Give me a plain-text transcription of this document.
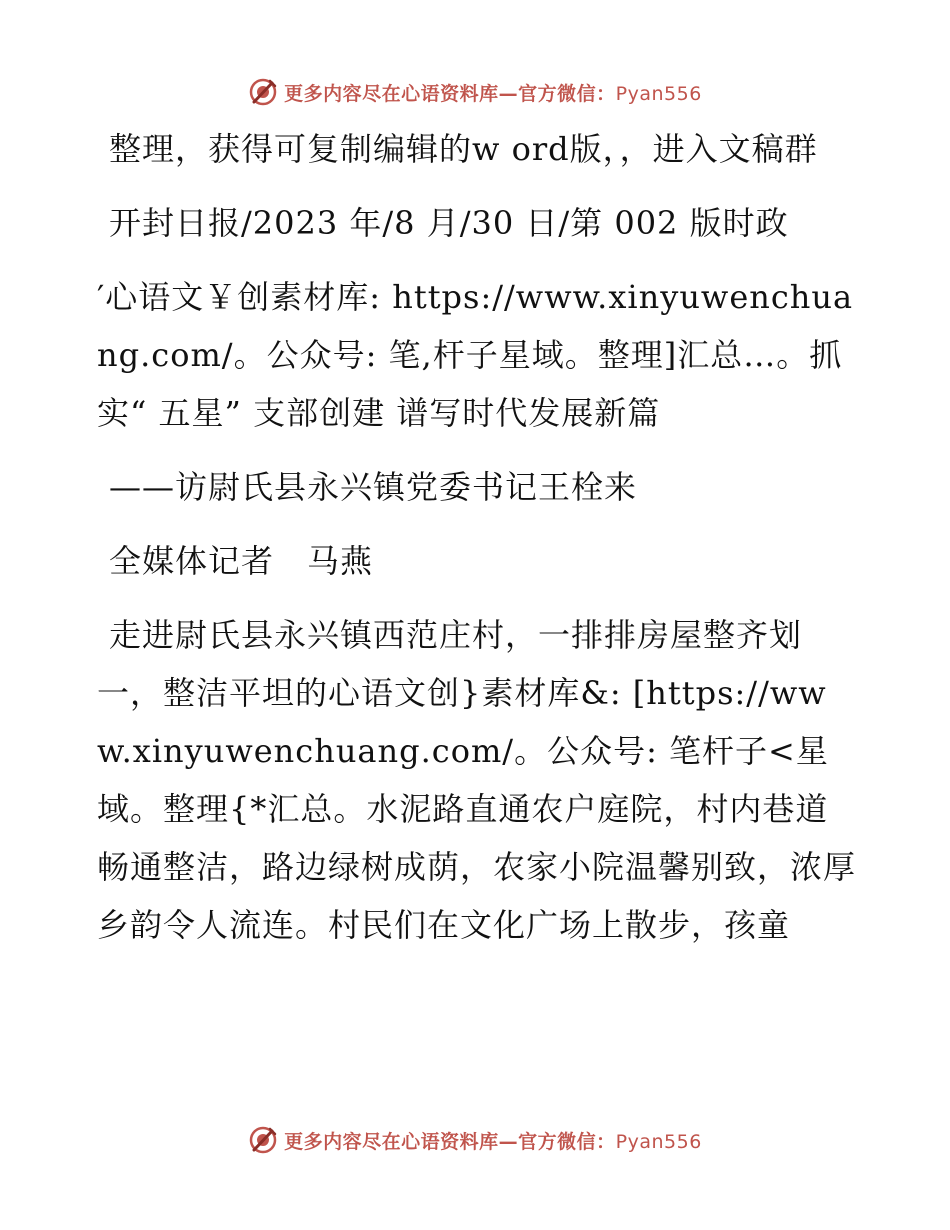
更多内容尽在心语资料库—官方微信：Pyan556

整理，获得可复制编辑的w ord版，，进入文稿群

开封日报/2023 年/8 月/30 日/第 002 版时政

′心语文￥创素材库: https://www.xinyuwenchuang.com/。公众号: 笔,杆子星域。整理]汇总…。抓实“ 五星” 支部创建 谱写时代发展新篇

——访尉氏县永兴镇党委书记王栓来

全媒体记者　马燕

走进尉氏县永兴镇西范庄村，一排排房屋整齐划一，整洁平坦的心语文创}素材库&: [https://www.xinyuwenchuang.com/。公众号: 笔杆子<星域。整理{*汇总。水泥路直通农户庭院，村内巷道畅通整洁，路边绿树成荫，农家小院温馨别致，浓厚乡韵令人流连。村民们在文化广场上散步，孩童

更多内容尽在心语资料库—官方微信：Pyan556
